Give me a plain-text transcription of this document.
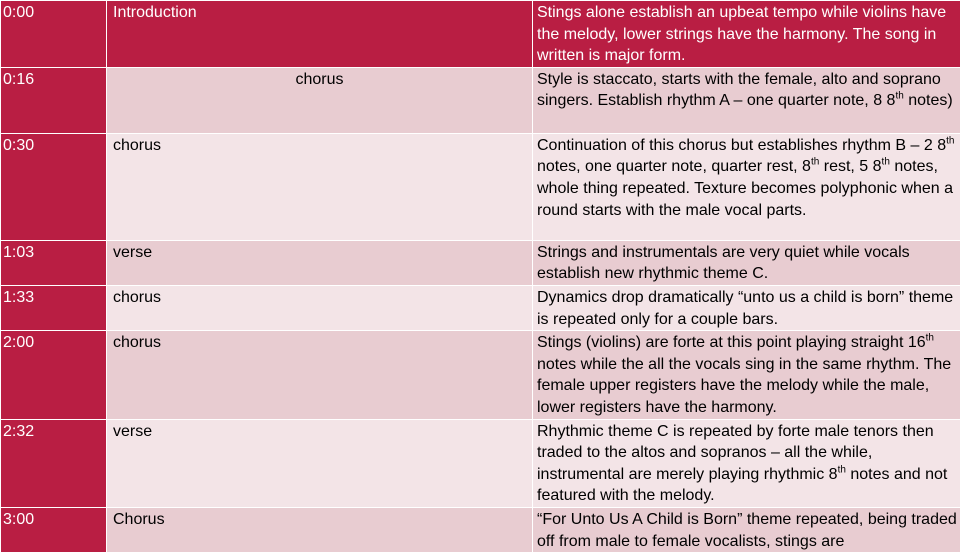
0:00	Introduction	Stings alone establish an upbeat tempo while violins have the melody, lower strings have the harmony. The song in written is major form.
0:16	chorus	Style is staccato, starts with the female, alto and soprano singers. Establish rhythm A – one quarter note, 8 8th notes)
0:30	chorus	Continuation of this chorus but establishes rhythm B – 2 8th notes, one quarter note, quarter rest, 8th rest, 5 8th notes, whole thing repeated. Texture becomes polyphonic when a round starts with the male vocal parts.
1:03	verse	Strings and instrumentals are very quiet while vocals establish new rhythmic theme C.
1:33	chorus	Dynamics drop dramatically “unto us a child is born” theme is repeated only for a couple bars.
2:00	chorus	Stings (violins) are forte at this point playing straight 16th notes while the all the vocals sing in the same rhythm. The female upper registers have the melody while the male, lower registers have the harmony.
2:32	verse	Rhythmic theme C is repeated by forte male tenors then traded to the altos and sopranos – all the while, instrumental are merely playing rhythmic 8th notes and not featured with the melody.
3:00	Chorus	“For Unto Us A Child is Born” theme repeated, being traded off from male to female vocalists, stings are
